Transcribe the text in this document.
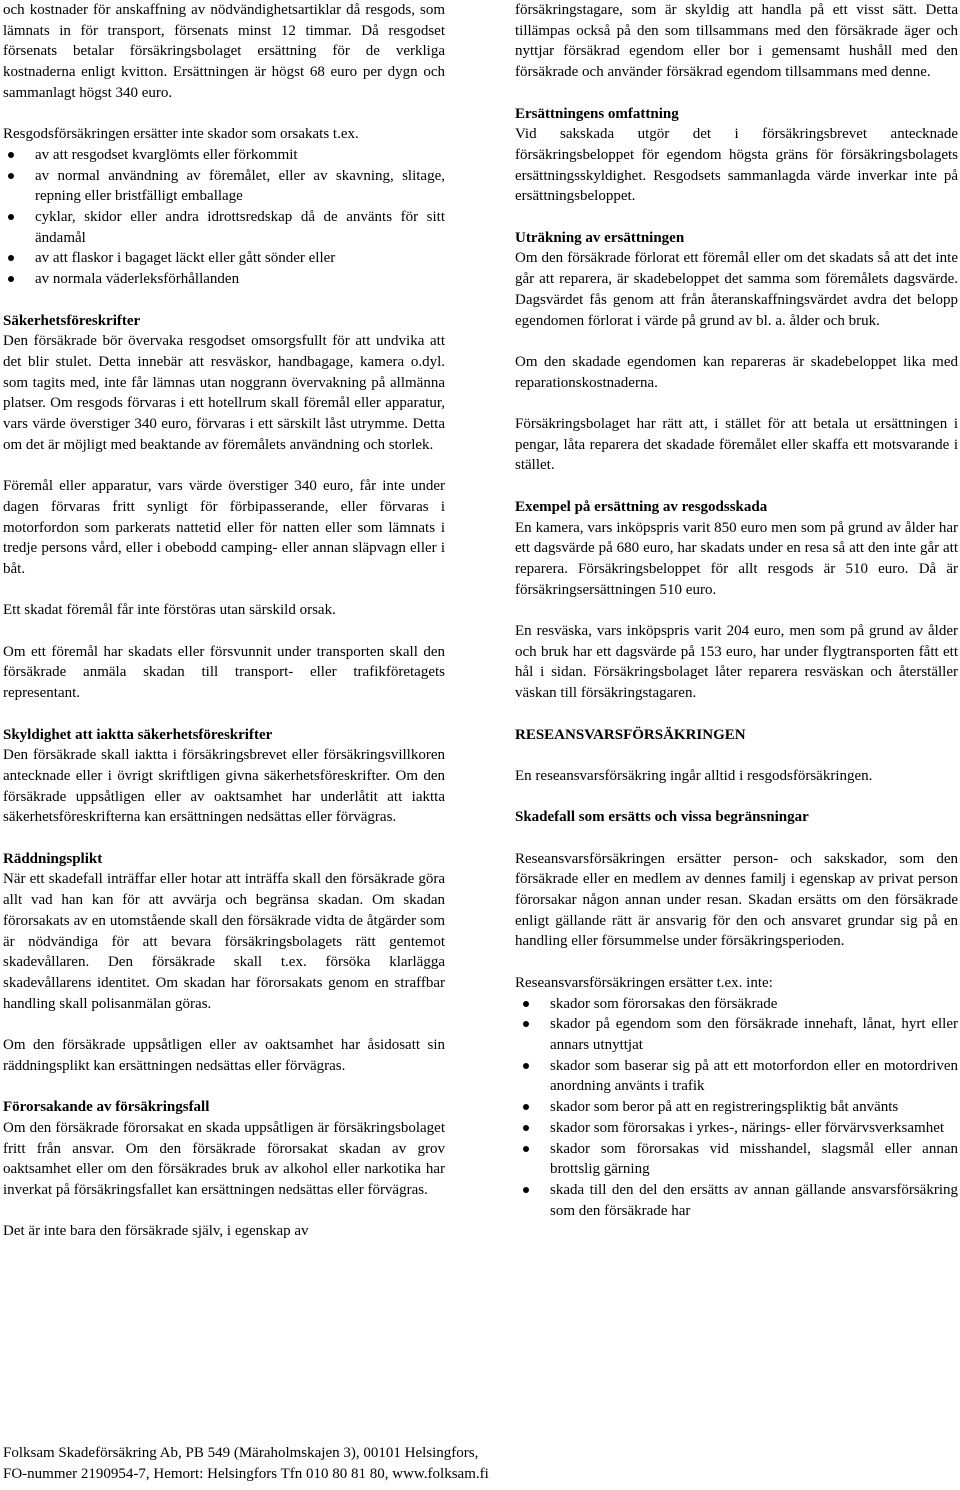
och kostnader för anskaffning av nödvändighetsartiklar då resgods, som lämnats in för transport, försenats minst 12 timmar. Då resgodset försenats betalar försäkringsbolaget ersättning för de verkliga kostnaderna enligt kvitton. Ersättningen är högst 68 euro per dygn och sammanlagt högst 340 euro.

Resgodsförsäkringen ersätter inte skador som orsakats t.ex.

av att resgodset kvarglömts eller förkommit
av normal användning av föremålet, eller av skavning, slitage, repning eller bristfälligt emballage
cyklar, skidor eller andra idrottsredskap då de använts för sitt ändamål
av att flaskor i bagaget läckt eller gått sönder eller
av normala väderleksförhållanden

Säkerhetsföreskrifter

Den försäkrade bör övervaka resgodset omsorgsfullt för att undvika att det blir stulet. Detta innebär att resväskor, handbagage, kamera o.dyl. som tagits med, inte får lämnas utan noggrann övervakning på allmänna platser. Om resgods förvaras i ett hotellrum skall föremål eller apparatur, vars värde överstiger 340 euro, förvaras i ett särskilt låst utrymme. Detta om det är möjligt med beaktande av föremålets användning och storlek.

Föremål eller apparatur, vars värde överstiger 340 euro, får inte under dagen förvaras fritt synligt för förbipasserande, eller förvaras i motorfordon som parkerats nattetid eller för natten eller som lämnats i tredje persons vård, eller i obebodd camping- eller annan släpvagn eller i båt.

Ett skadat föremål får inte förstöras utan särskild orsak.

Om ett föremål har skadats eller försvunnit under transporten skall den försäkrade anmäla skadan till transport- eller trafikföretagets representant.

Skyldighet att iaktta säkerhetsföreskrifter

Den försäkrade skall iaktta i försäkringsbrevet eller försäkringsvillkoren antecknade eller i övrigt skriftligen givna säkerhetsföreskrifter. Om den försäkrade uppsåtligen eller av oaktsamhet har underlåtit att iaktta säkerhetsföreskrifterna kan ersättningen nedsättas eller förvägras.

Räddningsplikt

När ett skadefall inträffar eller hotar att inträffa skall den försäkrade göra allt vad han kan för att avvärja och begränsa skadan. Om skadan förorsakats av en utomstående skall den försäkrade vidta de åtgärder som är nödvändiga för att bevara försäkringsbolagets rätt gentemot skadevållaren. Den försäkrade skall t.ex. försöka klarlägga skadevållarens identitet. Om skadan har förorsakats genom en straffbar handling skall polisanmälan göras.

Om den försäkrade uppsåtligen eller av oaktsamhet har åsidosatt sin räddningsplikt kan ersättningen nedsättas eller förvägras.

Förorsakande av försäkringsfall

Om den försäkrade förorsakat en skada uppsåtligen är försäkringsbolaget fritt från ansvar. Om den försäkrade förorsakat skadan av grov oaktsamhet eller om den försäkrades bruk av alkohol eller narkotika har inverkat på försäkringsfallet kan ersättningen nedsättas eller förvägras.

Det är inte bara den försäkrade själv, i egenskap av

försäkringstagare, som är skyldig att handla på ett visst sätt. Detta tillämpas också på den som tillsammans med den försäkrade äger och nyttjar försäkrad egendom eller bor i gemensamt hushåll med den försäkrade och använder försäkrad egendom tillsammans med denne.

Ersättningens omfattning

Vid sakskada utgör det i försäkringsbrevet antecknade försäkringsbeloppet för egendom högsta gräns för försäkringsbolagets ersättningsskyldighet. Resgodsets sammanlagda värde inverkar inte på ersättningsbeloppet.

Uträkning av ersättningen

Om den försäkrade förlorat ett föremål eller om det skadats så att det inte går att reparera, är skadebeloppet det samma som föremålets dagsvärde. Dagsvärdet fås genom att från återanskaffningsvärdet avdra det belopp egendomen förlorat i värde på grund av bl. a. ålder och bruk.

Om den skadade egendomen kan repareras är skadebeloppet lika med reparationskostnaderna.

Försäkringsbolaget har rätt att, i stället för att betala ut ersättningen i pengar, låta reparera det skadade föremålet eller skaffa ett motsvarande i stället.

Exempel på ersättning av resgodsskada

En kamera, vars inköpspris varit 850 euro men som på grund av ålder har ett dagsvärde på 680 euro, har skadats under en resa så att den inte går att reparera. Försäkringsbeloppet för allt resgods är 510 euro. Då är försäkringsersättningen 510 euro.

En resväska, vars inköpspris varit 204 euro, men som på grund av ålder och bruk har ett dagsvärde på 153 euro, har under flygtransporten fått ett hål i sidan. Försäkringsbolaget låter reparera resväskan och återställer väskan till försäkringstagaren.

RESEANSVARSFÖRSÄKRINGEN

En reseansvarsförsäkring ingår alltid i resgodsförsäkringen.

Skadefall som ersätts och vissa begränsningar

Reseansvarsförsäkringen ersätter person- och sakskador, som den försäkrade eller en medlem av dennes familj i egenskap av privat person förorsakar någon annan under resan. Skadan ersätts om den försäkrade enligt gällande rätt är ansvarig för den och ansvaret grundar sig på en handling eller försummelse under försäkringsperioden.

Reseansvarsförsäkringen ersätter t.ex. inte:

skador som förorsakas den försäkrade
skador på egendom som den försäkrade innehaft, lånat, hyrt eller annars utnyttjat
skador som baserar sig på att ett motorfordon eller en motordriven anordning använts i trafik
skador som beror på att en registreringspliktig båt använts
skador som förorsakas i yrkes-, närings- eller förvärvsverksamhet
skador som förorsakas vid misshandel, slagsmål eller annan brottslig gärning
skada till den del den ersätts av annan gällande ansvarsförsäkring som den försäkrade har
Folksam Skadeförsäkring Ab, PB 549 (Märaholmskajen 3), 00101 Helsingfors,
FO-nummer 2190954-7, Hemort: Helsingfors Tfn 010 80 81 80, www.folksam.fi
